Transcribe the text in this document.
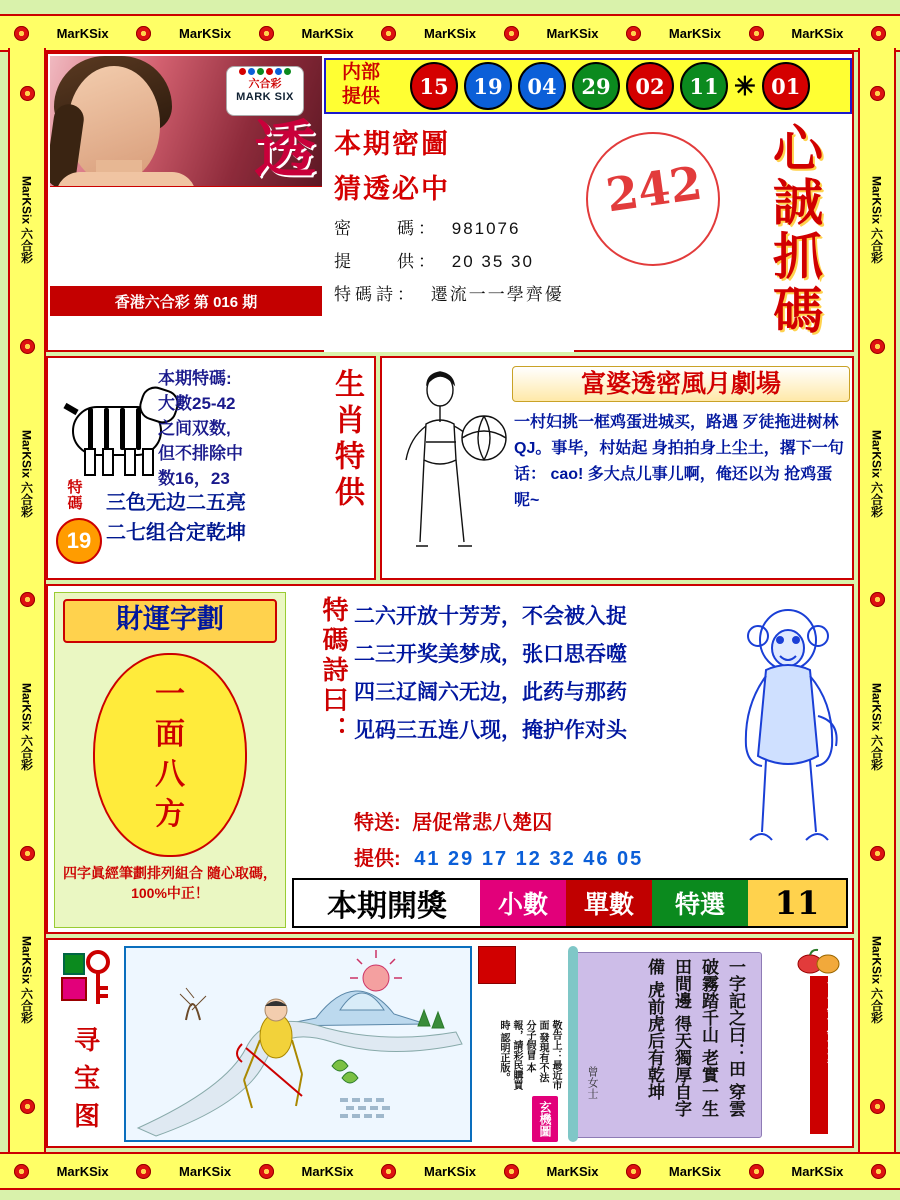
MarKSix	MarKSix	MarKSix	MarKSix	MarKSix	MarKSix	MarKSix
MarKSix 六合彩
MarKSix 六合彩
MarKSix 六合彩
MarKSix 六合彩
MarKSix 六合彩
MarKSix 六合彩
MarKSix 六合彩
MarKSix 六合彩
MarKSix	MarKSix	MarKSix	MarKSix	MarKSix	MarKSix	MarKSix
六合彩
MARK SIX
透
香港六合彩 第 016 期
15	19	04	29	02	11 ✳ 01
内部
提供
本期密圖
猜透必中
密　　碼： 981076
提　　供： 20 35 30
特碼詩： 遷流一一學齊優
242 心誠抓碼
特
碼
19
本期特碼:
大數25-42
之间双数,
但不排除中
数16，23
三色无边二五亮
二七组合定乾坤
生肖特供	富婆透密風月劇場
一村妇挑一框鸡蛋进城买，路遇 歹徒拖进树林QJ。事毕，村姑起 身拍拍身上尘土，撂下一句话： cao! 多大点儿事儿啊，俺还以为 抢鸡蛋呢~
財運字劃
一
面
八
方
四字眞經筆劃排列組合 隨心取碼，100%中正！
特碼詩曰： 二六开放十芳芳，不会被入捉
二三开奖美梦成，张口思吞噬
四三辽阔六无边，此药与那药
见码三五连八现，掩护作对头
特送: 居促常悲八楚囚
提供: 41 29 17 12 32 46 05
本期開獎	小數	單數	特選	11
寻
宝
图
敬告上：最近市面 發現有不法分子假冒 本報，請彩民購買時 認明正版。
玄機圖
一字記之曰：田 穿雲破霧踏千山 老實一生田間邊 得天獨厚自字備 虎前虎后有乾坤
曾女士
贏錢錦囊
